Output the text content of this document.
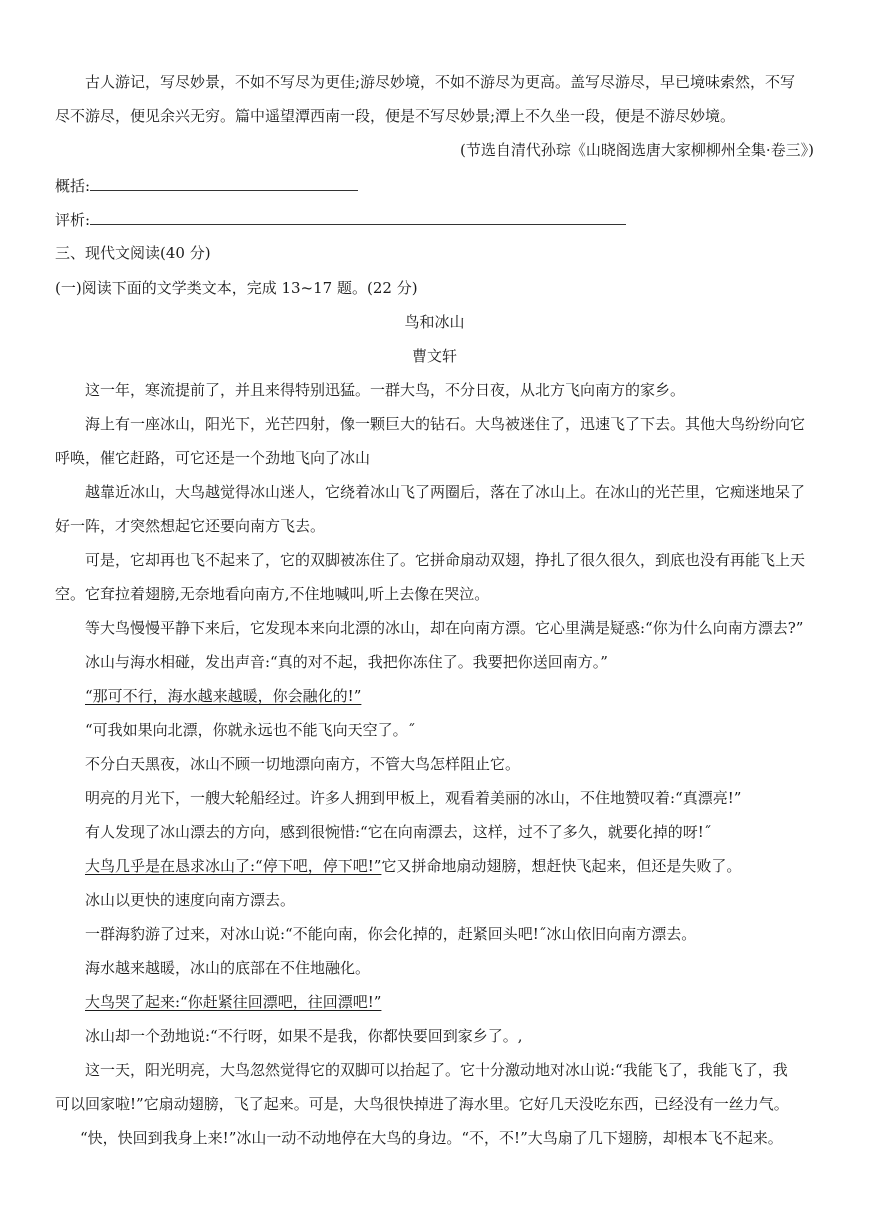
古人游记，写尽妙景，不如不写尽为更佳;游尽妙境，不如不游尽为更高。盖写尽游尽，早已境味索然，不写
尽不游尽，便见余兴无穷。篇中遥望潭西南一段，便是不写尽妙景;潭上不久坐一段，便是不游尽妙境。
(节选自清代孙琮《山晓阁选唐大家柳柳州全集·卷三》)
概括:
评析:
三、现代文阅读(40 分)
(一)阅读下面的文学类文本，完成 13~17 题。(22 分)
鸟和冰山
曹文轩
这一年，寒流提前了，并且来得特别迅猛。一群大鸟，不分日夜，从北方飞向南方的家乡。
海上有一座冰山，阳光下，光芒四射，像一颗巨大的钻石。大鸟被迷住了，迅速飞了下去。其他大鸟纷纷向它
呼唤，催它赶路，可它还是一个劲地飞向了冰山
越靠近冰山，大鸟越觉得冰山迷人，它绕着冰山飞了两圈后，落在了冰山上。在冰山的光芒里，它痴迷地呆了
好一阵，才突然想起它还要向南方飞去。
可是，它却再也飞不起来了，它的双脚被冻住了。它拼命扇动双翅，挣扎了很久很久，到底也没有再能飞上天
空。它耷拉着翅膀,无奈地看向南方,不住地喊叫,听上去像在哭泣。
等大鸟慢慢平静下来后，它发现本来向北漂的冰山，却在向南方漂。它心里满是疑惑:“你为什么向南方漂去?”
冰山与海水相碰，发出声音:“真的对不起，我把你冻住了。我要把你送回南方。”
“那可不行，海水越来越暖，你会融化的!”
“可我如果向北漂，你就永远也不能飞向天空了。˝
不分白天黑夜，冰山不顾一切地漂向南方，不管大鸟怎样阻止它。
明亮的月光下，一艘大轮船经过。许多人拥到甲板上，观看着美丽的冰山，不住地赞叹着:“真漂亮!”
有人发现了冰山漂去的方向，感到很惋惜:“它在向南漂去，这样，过不了多久，就要化掉的呀!˝
大鸟几乎是在恳求冰山了:“停下吧，停下吧!”它又拼命地扇动翅膀，想赶快飞起来，但还是失败了。
冰山以更快的速度向南方漂去。
一群海豹游了过来，对冰山说:“不能向南，你会化掉的，赶紧回头吧!˝冰山依旧向南方漂去。
海水越来越暖，冰山的底部在不住地融化。
大鸟哭了起来:“你赶紧往回漂吧，往回漂吧!”
冰山却一个劲地说:“不行呀，如果不是我，你都快要回到家乡了。,
这一天，阳光明亮，大鸟忽然觉得它的双脚可以抬起了。它十分激动地对冰山说:“我能飞了，我能飞了，我
可以回家啦!”它扇动翅膀，飞了起来。可是，大鸟很快掉进了海水里。它好几天没吃东西，已经没有一丝力气。
“快，快回到我身上来!”冰山一动不动地停在大鸟的身边。“不，不!”大鸟扇了几下翅膀，却根本飞不起来。
